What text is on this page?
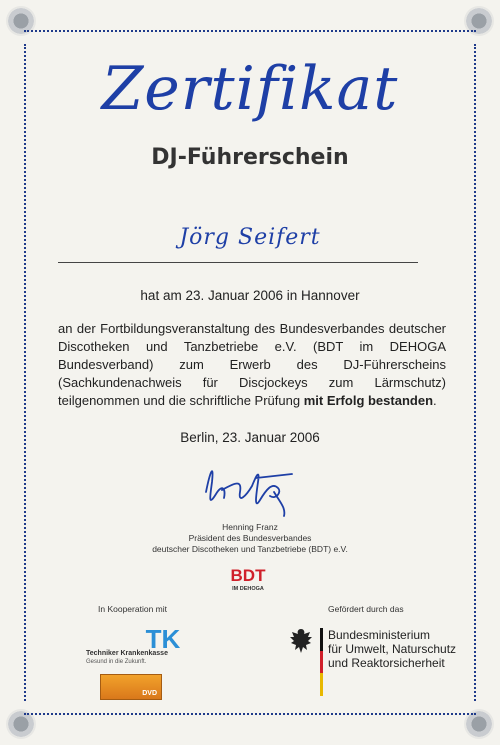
Zertifikat
DJ-Führerschein
Jörg Seifert
hat am 23. Januar 2006 in Hannover
an der Fortbildungsveranstaltung des Bundesverbandes deutscher Discotheken und Tanzbetriebe e.V. (BDT im DEHOGA Bundesverband) zum Erwerb des DJ-Führerscheins (Sachkundenachweis für Discjockeys zum Lärmschutz) teilgenommen und die schriftliche Prüfung mit Erfolg bestanden.
Berlin, 23. Januar 2006
Henning Franz
Präsident des Bundesverbandes
deutscher Discotheken und Tanzbetriebe (BDT) e.V.
BDT
IM DEHOGA
In Kooperation mit	Gefördert durch das
TK
Techniker Krankenkasse
Gesund in die Zukunft.
DVD
Bundesministerium
für Umwelt, Naturschutz
und Reaktorsicherheit
